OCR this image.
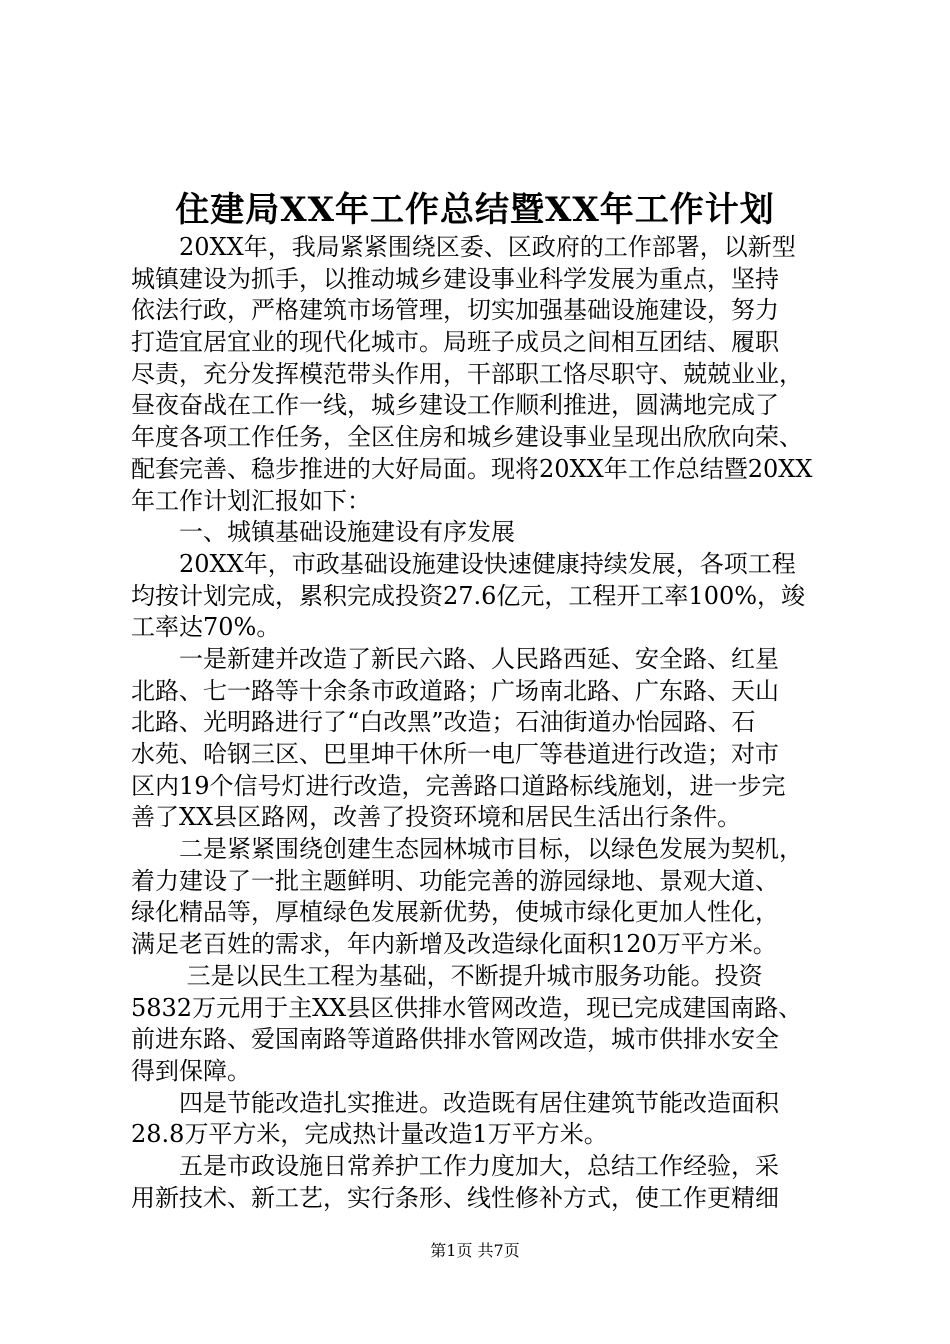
住建局XX年工作总结暨XX年工作计划
　　20XX年，我局紧紧围绕区委、区政府的工作部署，以新型
城镇建设为抓手，以推动城乡建设事业科学发展为重点，坚持
依法行政，严格建筑市场管理，切实加强基础设施建设，努力
打造宜居宜业的现代化城市。局班子成员之间相互团结、履职
尽责，充分发挥模范带头作用，干部职工恪尽职守、兢兢业业，
昼夜奋战在工作一线，城乡建设工作顺利推进，圆满地完成了
年度各项工作任务，全区住房和城乡建设事业呈现出欣欣向荣、
配套完善、稳步推进的大好局面。现将20XX年工作总结暨20XX
年工作计划汇报如下：
　　一、城镇基础设施建设有序发展
　　20XX年，市政基础设施建设快速健康持续发展，各项工程
均按计划完成，累积完成投资27.6亿元，工程开工率100%，竣
工率达70%。
　　一是新建并改造了新民六路、人民路西延、安全路、红星
北路、七一路等十余条市政道路；广场南北路、广东路、天山
北路、光明路进行了“白改黑”改造；石油街道办怡园路、石
水苑、哈钢三区、巴里坤干休所一电厂等巷道进行改造；对市
区内19个信号灯进行改造，完善路口道路标线施划，进一步完
善了XX县区路网，改善了投资环境和居民生活出行条件。
　　二是紧紧围绕创建生态园林城市目标，以绿色发展为契机，
着力建设了一批主题鲜明、功能完善的游园绿地、景观大道、
绿化精品等，厚植绿色发展新优势，使城市绿化更加人性化，
满足老百姓的需求，年内新增及改造绿化面积120万平方米。
　　 三是以民生工程为基础，不断提升城市服务功能。投资
5832万元用于主XX县区供排水管网改造，现已完成建国南路、
前进东路、爱国南路等道路供排水管网改造，城市供排水安全
得到保障。
　　四是节能改造扎实推进。改造既有居住建筑节能改造面积
28.8万平方米，完成热计量改造1万平方米。
　　五是市政设施日常养护工作力度加大，总结工作经验，采
用新技术、新工艺，实行条形、线性修补方式，使工作更精细
第1页 共7页
